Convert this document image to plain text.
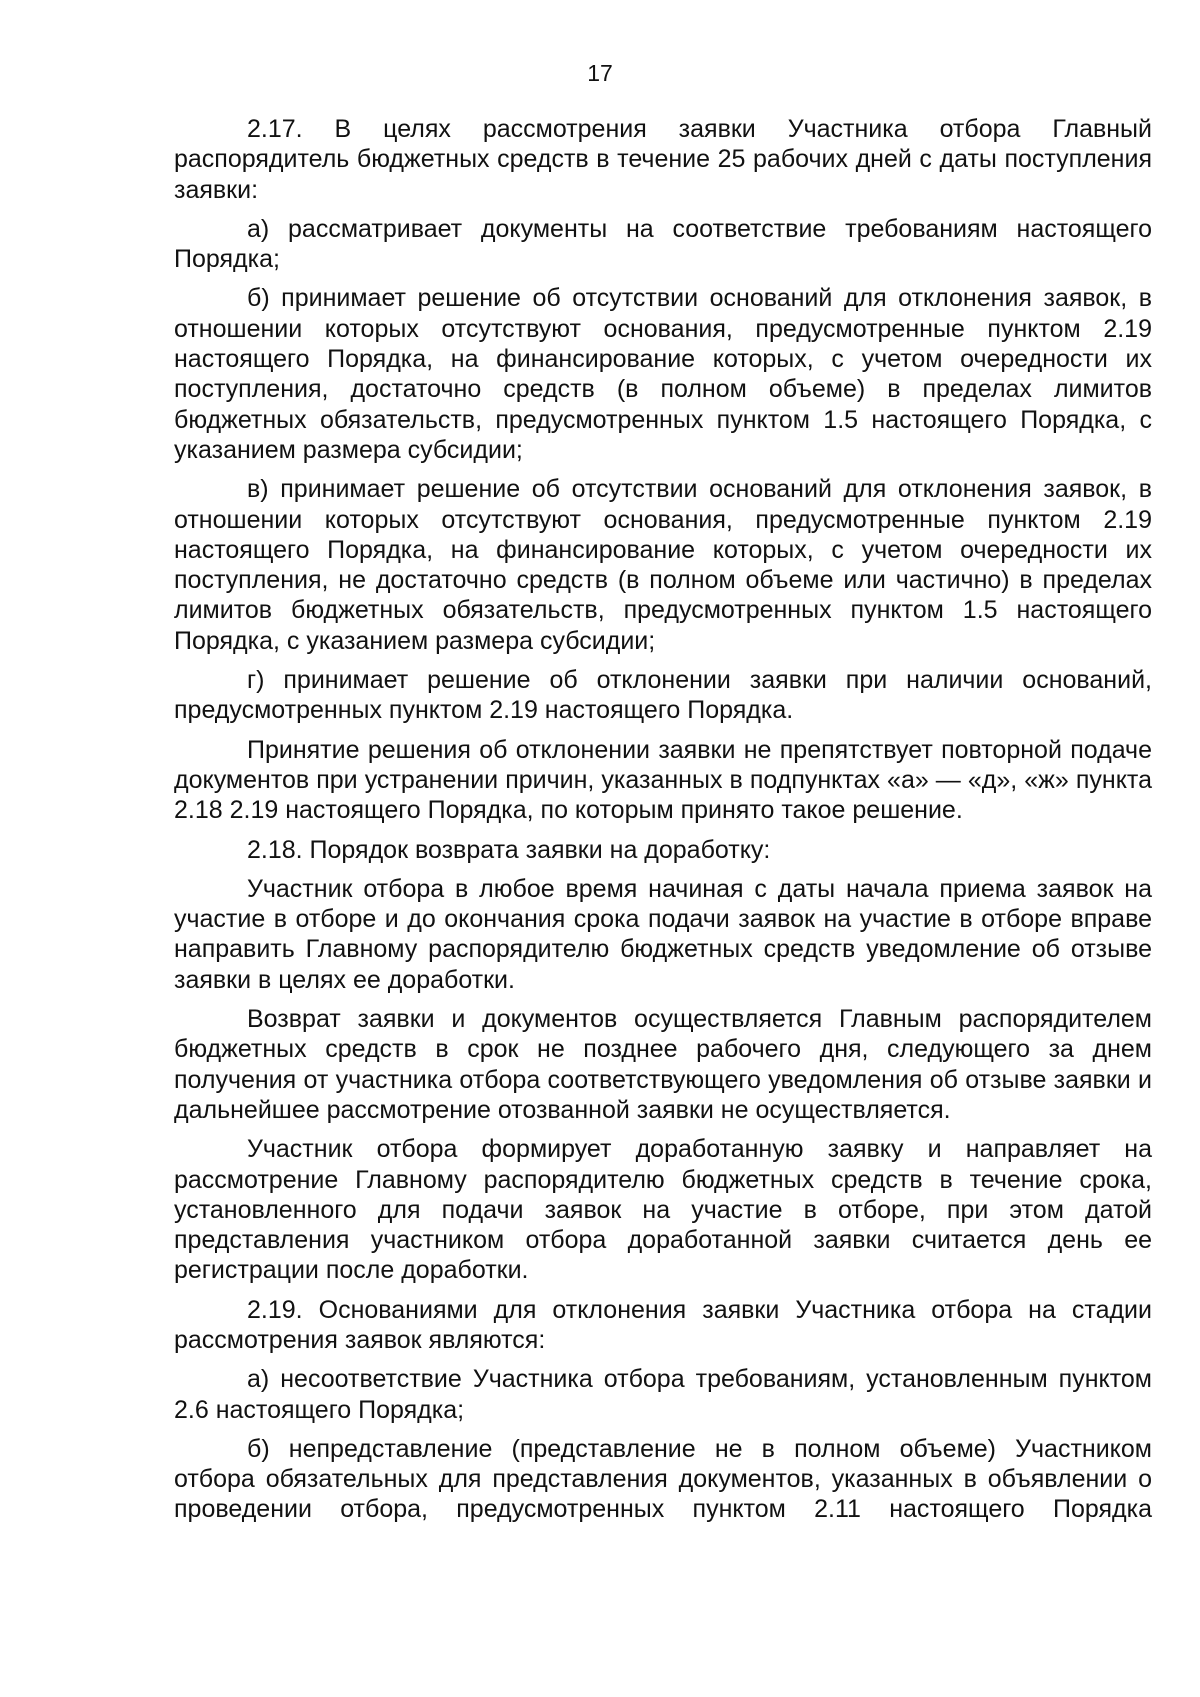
17

2.17. В целях рассмотрения заявки Участника отбора Главный распорядитель бюджетных средств в течение 25 рабочих дней с даты поступления заявки:

а) рассматривает документы на соответствие требованиям настоящего Порядка;

б) принимает решение об отсутствии оснований для отклонения заявок, в отношении которых отсутствуют основания, предусмотренные пунктом 2.19 настоящего Порядка, на финансирование которых, с учетом очередности их поступления, достаточно средств (в полном объеме) в пределах лимитов бюджетных обязательств, предусмотренных пунктом 1.5 настоящего Порядка, с указанием размера субсидии;

в) принимает решение об отсутствии оснований для отклонения заявок, в отношении которых отсутствуют основания, предусмотренные пунктом 2.19 настоящего Порядка, на финансирование которых, с учетом очередности их поступления, не достаточно средств (в полном объеме или частично) в пределах лимитов бюджетных обязательств, предусмотренных пунктом 1.5 настоящего Порядка, с указанием размера субсидии;

г) принимает решение об отклонении заявки при наличии оснований, предусмотренных пунктом 2.19 настоящего Порядка.

Принятие решения об отклонении заявки не препятствует повторной подаче документов при устранении причин, указанных в подпунктах «а» — «д», «ж» пункта 2.18 2.19 настоящего Порядка, по которым принято такое решение.

2.18. Порядок возврата заявки на доработку:

Участник отбора в любое время начиная с даты начала приема заявок на участие в отборе и до окончания срока подачи заявок на участие в отборе вправе направить Главному распорядителю бюджетных средств уведомление об отзыве заявки в целях ее доработки.

Возврат заявки и документов осуществляется Главным распорядителем бюджетных средств в срок не позднее рабочего дня, следующего за днем получения от участника отбора соответствующего уведомления об отзыве заявки и дальнейшее рассмотрение отозванной заявки не осуществляется.

Участник отбора формирует доработанную заявку и направляет на рассмотрение Главному распорядителю бюджетных средств в течение срока, установленного для подачи заявок на участие в отборе, при этом датой представления участником отбора доработанной заявки считается день ее регистрации после доработки.

2.19. Основаниями для отклонения заявки Участника отбора на стадии рассмотрения заявок являются:

а) несоответствие Участника отбора требованиям, установленным пунктом 2.6 настоящего Порядка;

б) непредставление (представление не в полном объеме) Участником отбора обязательных для представления документов, указанных в объявлении о проведении отбора, предусмотренных пунктом 2.11 настоящего Порядка
